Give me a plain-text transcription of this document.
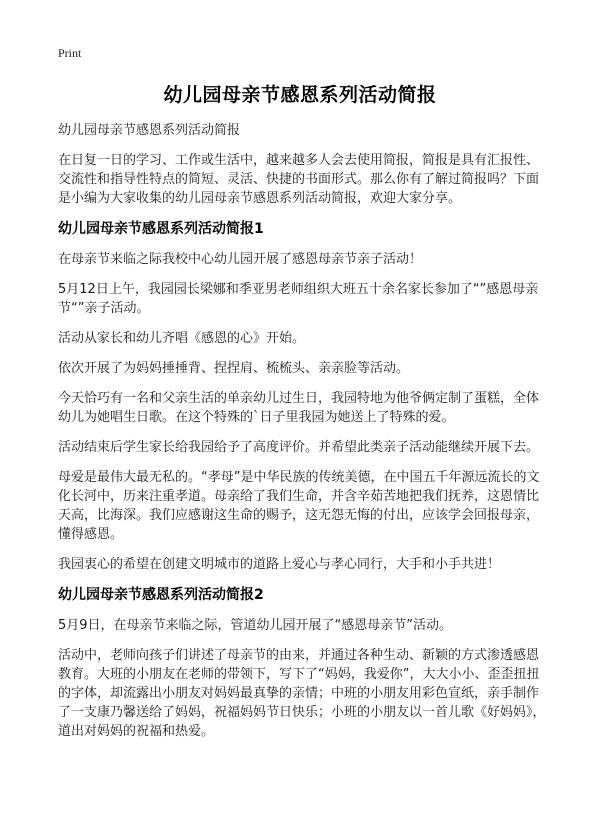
Print
幼儿园母亲节感恩系列活动简报

幼儿园母亲节感恩系列活动简报

在日复一日的学习、工作或生活中，越来越多人会去使用简报，简报是具有汇报性、交流性和指导性特点的简短、灵活、快捷的书面形式。那么你有了解过简报吗？下面是小编为大家收集的幼儿园母亲节感恩系列活动简报，欢迎大家分享。

幼儿园母亲节感恩系列活动简报1

在母亲节来临之际我校中心幼儿园开展了感恩母亲节亲子活动！

5月12日上午，我园园长梁娜和季亚男老师组织大班五十余名家长参加了“”感恩母亲节“”亲子活动。

活动从家长和幼儿齐唱《感恩的心》开始。

依次开展了为妈妈捶捶背、捏捏肩、梳梳头、亲亲脸等活动。

今天恰巧有一名和父亲生活的单亲幼儿过生日，我园特地为他爷俩定制了蛋糕，全体幼儿为她唱生日歌。在这个特殊的`日子里我园为她送上了特殊的爱。

活动结束后学生家长给我园给予了高度评价。并希望此类亲子活动能继续开展下去。

母爱是最伟大最无私的。“孝母”是中华民族的传统美德，在中国五千年源远流长的文化长河中，历来注重孝道。母亲给了我们生命，并含辛茹苦地把我们抚养，这恩情比天高，比海深。我们应感谢这生命的赐予，这无怨无悔的付出，应该学会回报母亲，懂得感恩。

我园衷心的希望在创建文明城市的道路上爱心与孝心同行，大手和小手共进！

幼儿园母亲节感恩系列活动简报2

5月9日，在母亲节来临之际，管道幼儿园开展了“感恩母亲节”活动。

活动中，老师向孩子们讲述了母亲节的由来，并通过各种生动、新颖的方式渗透感恩教育。大班的小朋友在老师的带领下，写下了“妈妈，我爱你”，大大小小、歪歪扭扭的字体，却流露出小朋友对妈妈最真挚的亲情；中班的小朋友用彩色宣纸，亲手制作了一支康乃馨送给了妈妈，祝福妈妈节日快乐；小班的小朋友以一首儿歌《好妈妈》，道出对妈妈的祝福和热爱。
